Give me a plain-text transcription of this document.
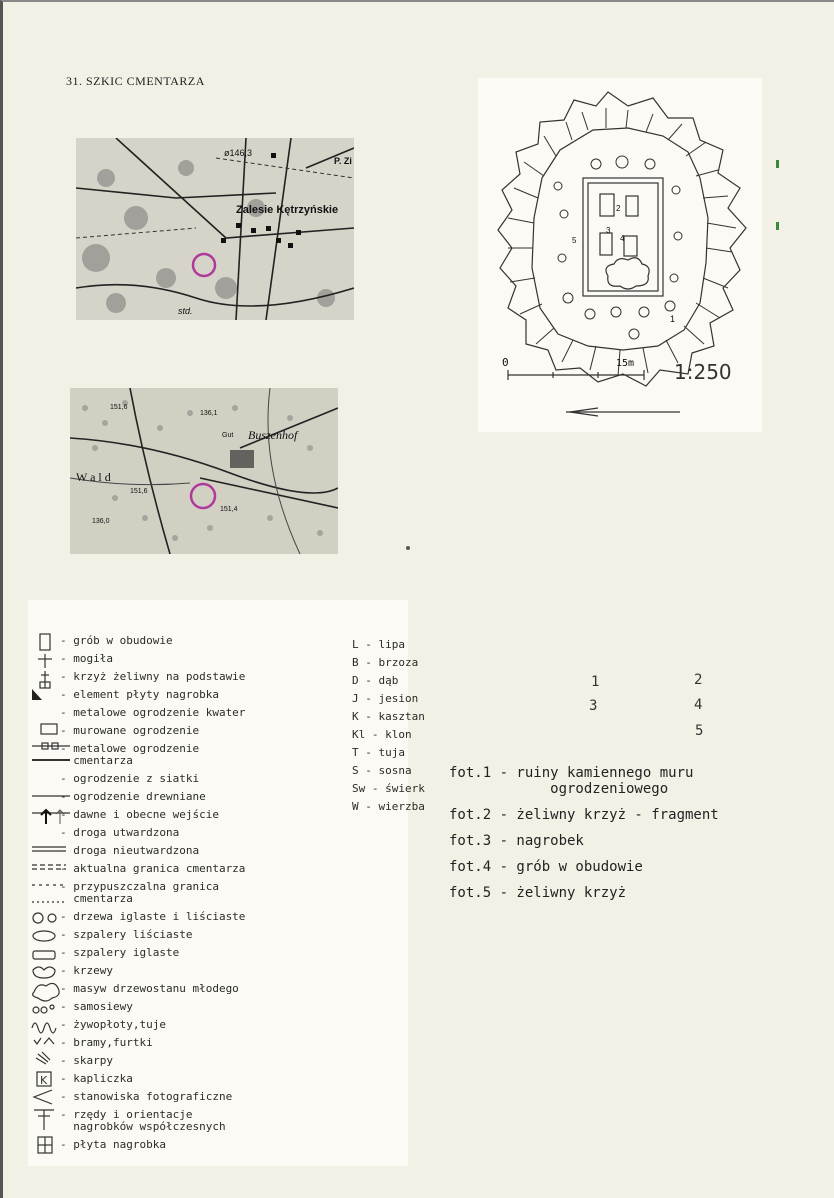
31. SZKIC CMENTARZA
Zalesie Kętrzyńskie
ø146,3
P. Zi
std.
Buszenhof
Gut
W a l d
151,6
136,1
151,6
151,4
136,0
0	15m 1:250
2
5
3
4
1
K
- grób w obudowie
- mogiła
- krzyż żeliwny na podstawie
- element płyty nagrobka
- metalowe ogrodzenie kwater
- murowane ogrodzenie
- metalowe ogrodzenie
cmentarza
- ogrodzenie z siatki
- ogrodzenie drewniane
- dawne i obecne wejście
- droga utwardzona
- droga nieutwardzona
- aktualna granica cmentarza
- przypuszczalna granica
cmentarza
- drzewa iglaste i liściaste
- szpalery liściaste
- szpalery iglaste
- krzewy
- masyw drzewostanu młodego
- samosiewy
- żywopłoty,tuje
- bramy,furtki
- skarpy
- kapliczka
- stanowiska fotograficzne
- rzędy i orientacje
nagrobków współczesnych
- płyta nagrobka
L - lipa
B - brzoza
D - dąb
J - jesion
K - kasztan
Kl - klon
T - tuja
S - sosna
Sw - świerk
W - wierzba
1	2
3	4
5
fot.1 - ruiny kamiennego muru
ogrodzeniowego
fot.2 - żeliwny krzyż - fragment
fot.3 - nagrobek
fot.4 - grób w obudowie
fot.5 - żeliwny krzyż
